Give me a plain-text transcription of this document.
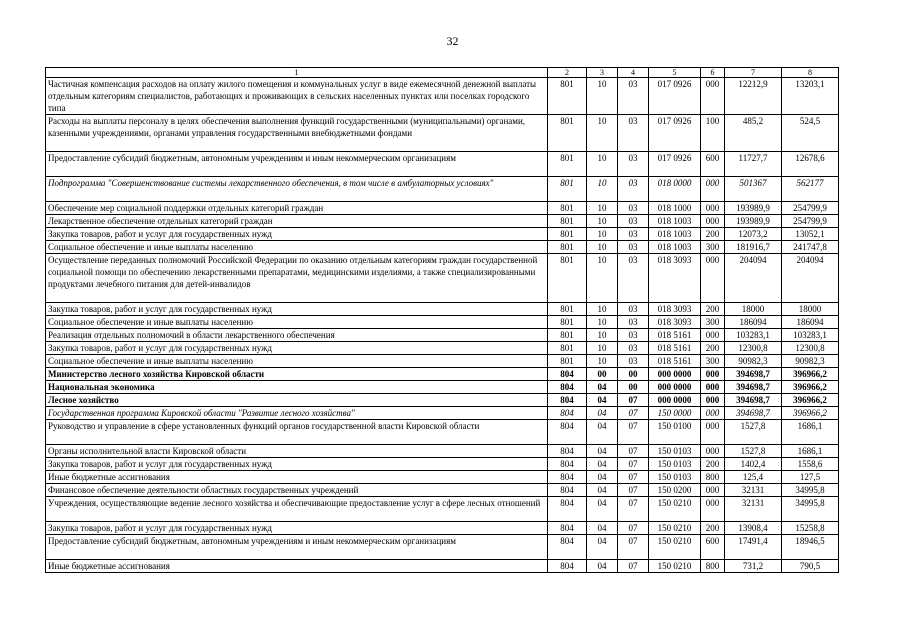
32
1	2	3	4	5	6	7	8
Частичная компенсация расходов на оплату жилого помещения и коммунальных услуг в виде ежемесячной денежной выплаты отдельным категориям специалистов, работающих и проживающих в сельских населенных пунктах или поселках городского типа	801	10	03	017 0926	000	12212,9	13203,1
Расходы на выплаты персоналу в целях обеспечения выполнения функций государственными (муниципальными) органами, казенными учреждениями, органами управления государственными внебюджетными фондами	801	10	03	017 0926	100	485,2	524,5
Предоставление субсидий бюджетным, автономным учреждениям и иным некоммерческим организациям	801	10	03	017 0926	600	11727,7	12678,6
Подпрограмма "Совершенствование системы лекарственного обеспечения, в том числе в амбулаторных условиях"	801	10	03	018 0000	000	501367	562177
Обеспечение мер социальной поддержки отдельных категорий граждан	801	10	03	018 1000	000	193989,9	254799,9
Лекарственное обеспечение отдельных категорий граждан	801	10	03	018 1003	000	193989,9	254799,9
Закупка товаров, работ и услуг для государственных нужд	801	10	03	018 1003	200	12073,2	13052,1
Социальное обеспечение и иные выплаты населению	801	10	03	018 1003	300	181916,7	241747,8
Осуществление переданных полномочий Российской Федерации по оказанию отдельным категориям граждан государственной социальной помощи по обеспечению лекарственными препаратами, медицинскими изделиями, а также специализированными продуктами лечебного питания для детей-инвалидов	801	10	03	018 3093	000	204094	204094
Закупка товаров, работ и услуг для государственных нужд	801	10	03	018 3093	200	18000	18000
Социальное обеспечение и иные выплаты населению	801	10	03	018 3093	300	186094	186094
Реализация отдельных полномочий в области лекарственного обеспечения	801	10	03	018 5161	000	103283,1	103283,1
Закупка товаров, работ и услуг для государственных нужд	801	10	03	018 5161	200	12300,8	12300,8
Социальное обеспечение и иные выплаты населению	801	10	03	018 5161	300	90982,3	90982,3
Министерство лесного хозяйства Кировской области	804	00	00	000 0000	000	394698,7	396966,2
Национальная экономика	804	04	00	000 0000	000	394698,7	396966,2
Лесное хозяйство	804	04	07	000 0000	000	394698,7	396966,2
Государственная программа Кировской области "Развитие лесного хозяйства"	804	04	07	150 0000	000	394698,7	396966,2
Руководство и управление в сфере установленных функций органов государственной власти Кировской области	804	04	07	150 0100	000	1527,8	1686,1
Органы исполнительной власти Кировской области	804	04	07	150 0103	000	1527,8	1686,1
Закупка товаров, работ и услуг для государственных нужд	804	04	07	150 0103	200	1402,4	1558,6
Иные бюджетные ассигнования	804	04	07	150 0103	800	125,4	127,5
Финансовое обеспечение деятельности областных государственных учреждений	804	04	07	150 0200	000	32131	34995,8
Учреждения, осуществляющие ведение лесного хозяйства и обеспечивающие предоставление услуг в сфере лесных отношений	804	04	07	150 0210	000	32131	34995,8
Закупка товаров, работ и услуг для государственных нужд	804	04	07	150 0210	200	13908,4	15258,8
Предоставление субсидий бюджетным, автономным учреждениям и иным некоммерческим организациям	804	04	07	150 0210	600	17491,4	18946,5
Иные бюджетные ассигнования	804	04	07	150 0210	800	731,2	790,5
